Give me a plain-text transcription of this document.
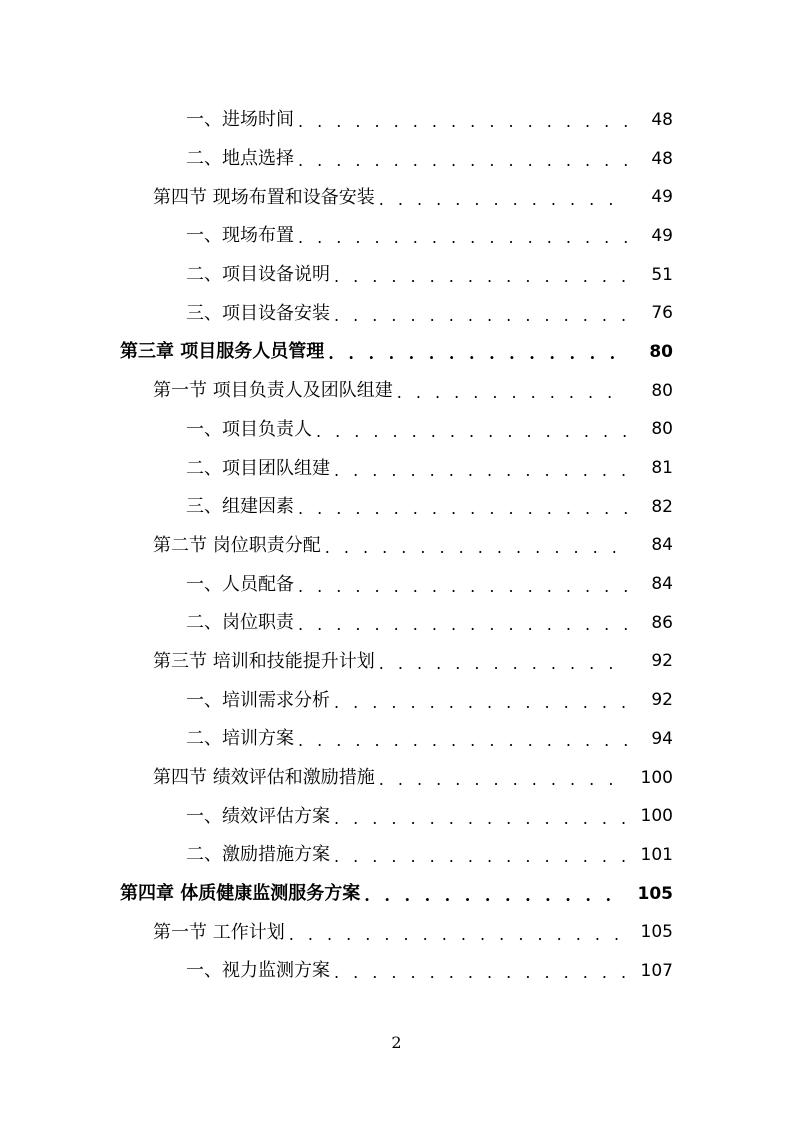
一、进场时间 . . .	48
二、地点选择 . . .	48
第四节 现场布置和设备安装 . . .	49
一、现场布置 . . .	49
二、项目设备说明 . . .	51
三、项目设备安装 . . .	76
第三章 项目服务人员管理 . . .	80
第一节 项目负责人及团队组建 . . .	80
一、项目负责人 . . .	80
二、项目团队组建 . . .	81
三、组建因素 . . .	82
第二节 岗位职责分配 . . .	84
一、人员配备 . . .	84
二、岗位职责 . . .	86
第三节 培训和技能提升计划 . . .	92
一、培训需求分析 . . .	92
二、培训方案 . . .	94
第四节 绩效评估和激励措施 . . .	100
一、绩效评估方案 . . .	100
二、激励措施方案 . . .	101
第四章 体质健康监测服务方案 . . .	105
第一节 工作计划 . . .	105
一、视力监测方案 . . .	107
2
